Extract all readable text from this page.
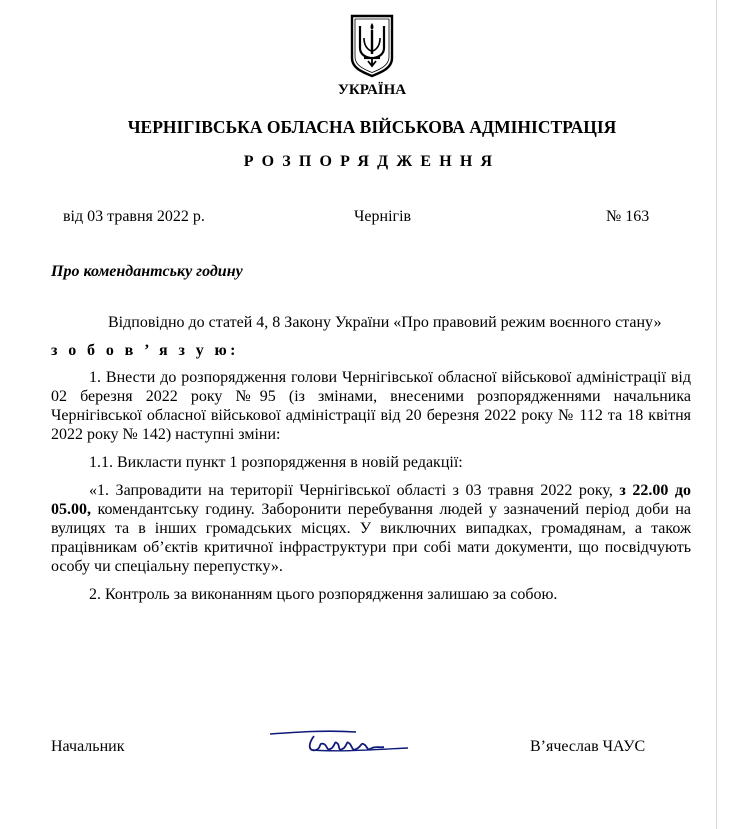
УКРАЇНА
ЧЕРНІГІВСЬКА ОБЛАСНА ВІЙСЬКОВА АДМІНІСТРАЦІЯ
РОЗПОРЯДЖЕННЯ
від 03 травня 2022 р.	Чернігів	№ 163
Про комендантську годину

Відповідно до статей 4, 8 Закону України «Про правовий режим воєнного стану»

з о б о в ’ я з у ю:

1. Внести до розпорядження голови Чернігівської обласної військової адміністрації від 02 березня 2022 року №95 (із змінами, внесеними розпорядженнями начальника Чернігівської обласної військової адміністрації від 20 березня 2022 року № 112 та 18 квітня 2022 року № 142) наступні зміни:

1.1. Викласти пункт 1 розпорядження в новій редакції:

«1. Запровадити на території Чернігівської області з 03 травня 2022 року, з 22.00 до 05.00, комендантську годину. Заборонити перебування людей у зазначений період доби на вулицях та в інших громадських місцях. У виключних випадках, громадянам, а також працівникам об’єктів критичної інфраструктури при собі мати документи, що посвідчують особу чи спеціальну перепустку».

2. Контроль за виконанням цього розпорядження залишаю за собою.

Начальник	В’ячеслав ЧАУС
